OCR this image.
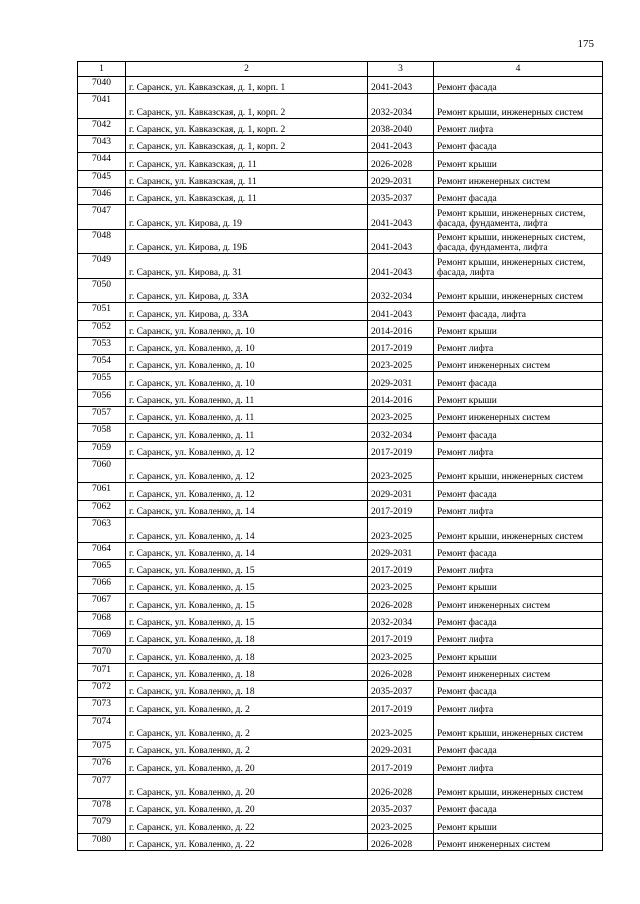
175
1	2	3	4
7040	г. Саранск, ул. Кавказская, д. 1, корп. 1	2041-2043	Ремонт фасада
7041	г. Саранск, ул. Кавказская, д. 1, корп. 2	2032-2034	Ремонт крыши, инженерных систем
7042	г. Саранск, ул. Кавказская, д. 1, корп. 2	2038-2040	Ремонт лифта
7043	г. Саранск, ул. Кавказская, д. 1, корп. 2	2041-2043	Ремонт фасада
7044	г. Саранск, ул. Кавказская, д. 11	2026-2028	Ремонт крыши
7045	г. Саранск, ул. Кавказская, д. 11	2029-2031	Ремонт инженерных систем
7046	г. Саранск, ул. Кавказская, д. 11	2035-2037	Ремонт фасада
7047	г. Саранск, ул. Кирова, д. 19	2041-2043	Ремонт крыши, инженерных систем, фасада, фундамента, лифта
7048	г. Саранск, ул. Кирова, д. 19Б	2041-2043	Ремонт крыши, инженерных систем, фасада, фундамента, лифта
7049	г. Саранск, ул. Кирова, д. 31	2041-2043	Ремонт крыши, инженерных систем, фасада, лифта
7050	г. Саранск, ул. Кирова, д. 33А	2032-2034	Ремонт крыши, инженерных систем
7051	г. Саранск, ул. Кирова, д. 33А	2041-2043	Ремонт фасада, лифта
7052	г. Саранск, ул. Коваленко, д. 10	2014-2016	Ремонт крыши
7053	г. Саранск, ул. Коваленко, д. 10	2017-2019	Ремонт лифта
7054	г. Саранск, ул. Коваленко, д. 10	2023-2025	Ремонт инженерных систем
7055	г. Саранск, ул. Коваленко, д. 10	2029-2031	Ремонт фасада
7056	г. Саранск, ул. Коваленко, д. 11	2014-2016	Ремонт крыши
7057	г. Саранск, ул. Коваленко, д. 11	2023-2025	Ремонт инженерных систем
7058	г. Саранск, ул. Коваленко, д. 11	2032-2034	Ремонт фасада
7059	г. Саранск, ул. Коваленко, д. 12	2017-2019	Ремонт лифта
7060	г. Саранск, ул. Коваленко, д. 12	2023-2025	Ремонт крыши, инженерных систем
7061	г. Саранск, ул. Коваленко, д. 12	2029-2031	Ремонт фасада
7062	г. Саранск, ул. Коваленко, д. 14	2017-2019	Ремонт лифта
7063	г. Саранск, ул. Коваленко, д. 14	2023-2025	Ремонт крыши, инженерных систем
7064	г. Саранск, ул. Коваленко, д. 14	2029-2031	Ремонт фасада
7065	г. Саранск, ул. Коваленко, д. 15	2017-2019	Ремонт лифта
7066	г. Саранск, ул. Коваленко, д. 15	2023-2025	Ремонт крыши
7067	г. Саранск, ул. Коваленко, д. 15	2026-2028	Ремонт инженерных систем
7068	г. Саранск, ул. Коваленко, д. 15	2032-2034	Ремонт фасада
7069	г. Саранск, ул. Коваленко, д. 18	2017-2019	Ремонт лифта
7070	г. Саранск, ул. Коваленко, д. 18	2023-2025	Ремонт крыши
7071	г. Саранск, ул. Коваленко, д. 18	2026-2028	Ремонт инженерных систем
7072	г. Саранск, ул. Коваленко, д. 18	2035-2037	Ремонт фасада
7073	г. Саранск, ул. Коваленко, д. 2	2017-2019	Ремонт лифта
7074	г. Саранск, ул. Коваленко, д. 2	2023-2025	Ремонт крыши, инженерных систем
7075	г. Саранск, ул. Коваленко, д. 2	2029-2031	Ремонт фасада
7076	г. Саранск, ул. Коваленко, д. 20	2017-2019	Ремонт лифта
7077	г. Саранск, ул. Коваленко, д. 20	2026-2028	Ремонт крыши, инженерных систем
7078	г. Саранск, ул. Коваленко, д. 20	2035-2037	Ремонт фасада
7079	г. Саранск, ул. Коваленко, д. 22	2023-2025	Ремонт крыши
7080	г. Саранск, ул. Коваленко, д. 22	2026-2028	Ремонт инженерных систем
